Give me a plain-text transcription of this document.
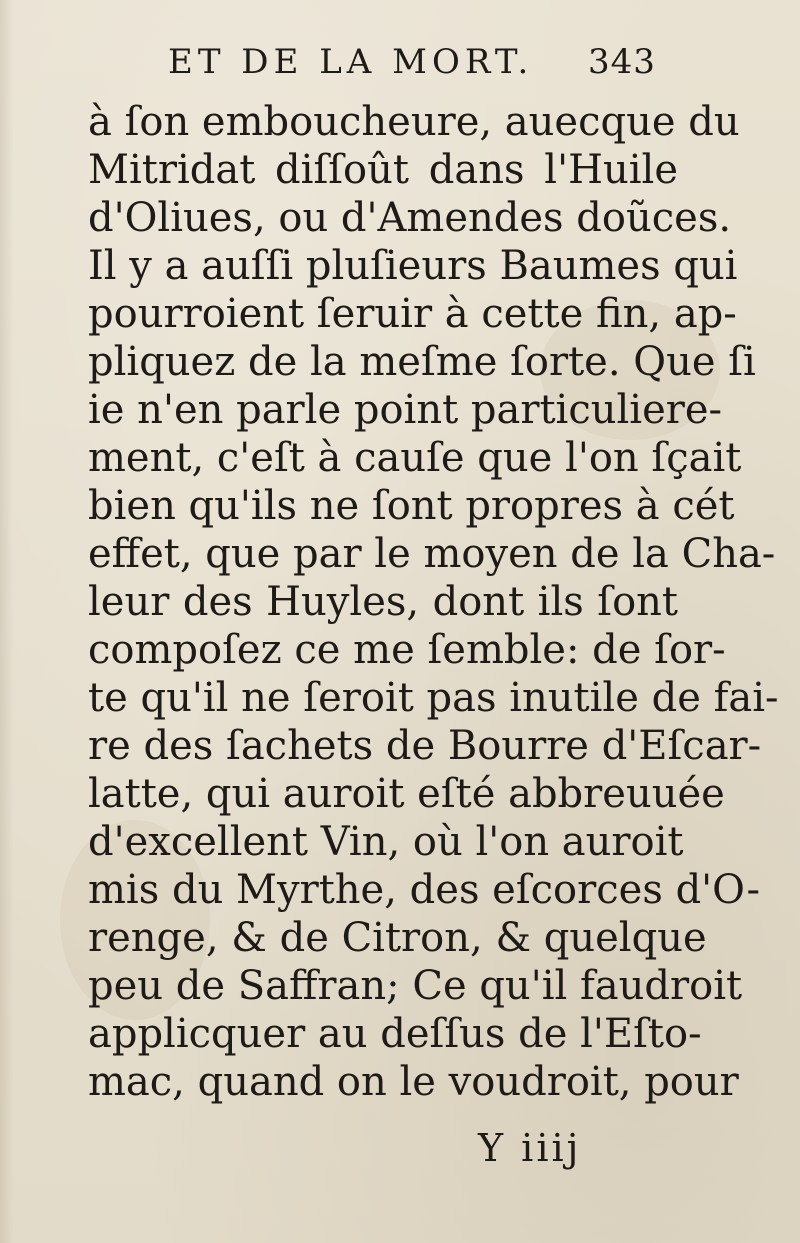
ET DE LA MORT. 343
à ſon emboucheure, auecque du
Mitridat diſſoût dans l'Huile
d'Oliues, ou d'Amendes doũces.
Il y a auſſi pluſieurs Baumes qui
pourroient ſeruir à cette fin, ap-
pliquez de la meſme ſorte. Que ſi
ie n'en parle point particuliere-
ment, c'eſt à cauſe que l'on ſçait
bien qu'ils ne ſont propres à cét
effet, que par le moyen de la Cha-
leur des Huyles, dont ils ſont
compoſez ce me ſemble: de ſor-
te qu'il ne ſeroit pas inutile de fai-
re des ſachets de Bourre d'Eſcar-
latte, qui auroit eſté abbreuuée
d'excellent Vin, où l'on auroit
mis du Myrthe, des eſcorces d'O-
renge, & de Citron, & quelque
peu de Saffran; Ce qu'il faudroit
applicquer au deſſus de l'Eſto-
mac, quand on le voudroit, pour
Y iiij
